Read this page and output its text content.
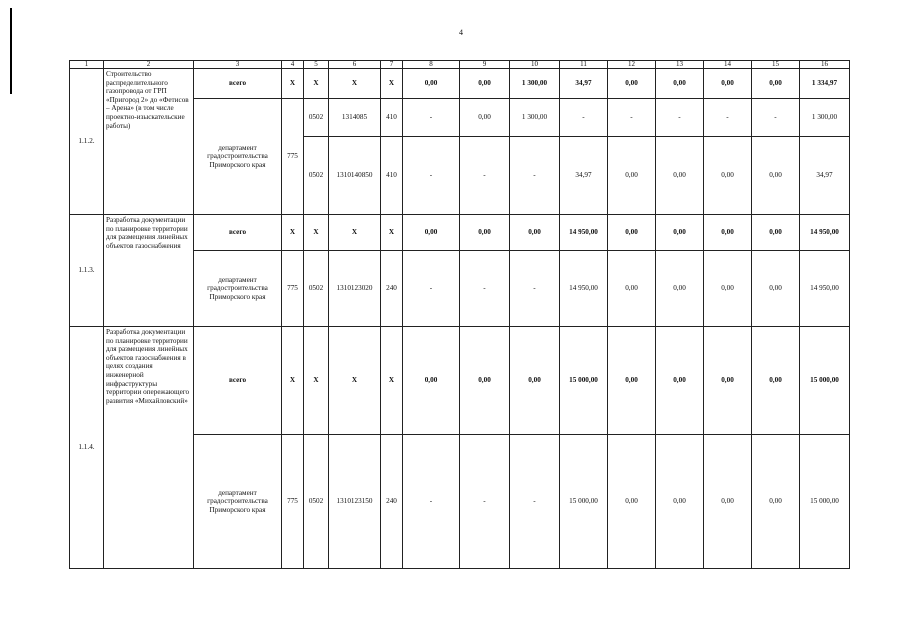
4
1	2	3	4	5	6	7	8	9	10	11	12	13	14	15	16
1.1.2.	Строительство распределительного газопровода от ГРП «Пригород 2» до «Фетисов – Арена» (в том числе проектно-изыскательские работы)	всего	Х	Х	Х	Х	0,00	0,00	1 300,00	34,97	0,00	0,00	0,00	0,00	1 334,97
		департамент градостроительства Приморского края	775	0502	1314085	410	-	0,00	1 300,00	-	-	-	-	-	1 300,00
				0502	1310140850	410	-	-	-	34,97	0,00	0,00	0,00	0,00	34,97
1.1.3.	Разработка документации по планировке территории для размещения линейных объектов газоснабжения	всего	Х	Х	Х	Х	0,00	0,00	0,00	14 950,00	0,00	0,00	0,00	0,00	14 950,00
		департамент градостроительства Приморского края	775	0502	1310123020	240	-	-	-	14 950,00	0,00	0,00	0,00	0,00	14 950,00
1.1.4.	Разработка документации по планировке территории для размещения линейных объектов газоснабжения в целях создания инженерной инфраструктуры территории опережающего развития «Михайловский»	всего	Х	Х	Х	Х	0,00	0,00	0,00	15 000,00	0,00	0,00	0,00	0,00	15 000,00
		департамент градостроительства Приморского края	775	0502	1310123150	240	-	-	-	15 000,00	0,00	0,00	0,00	0,00	15 000,00
